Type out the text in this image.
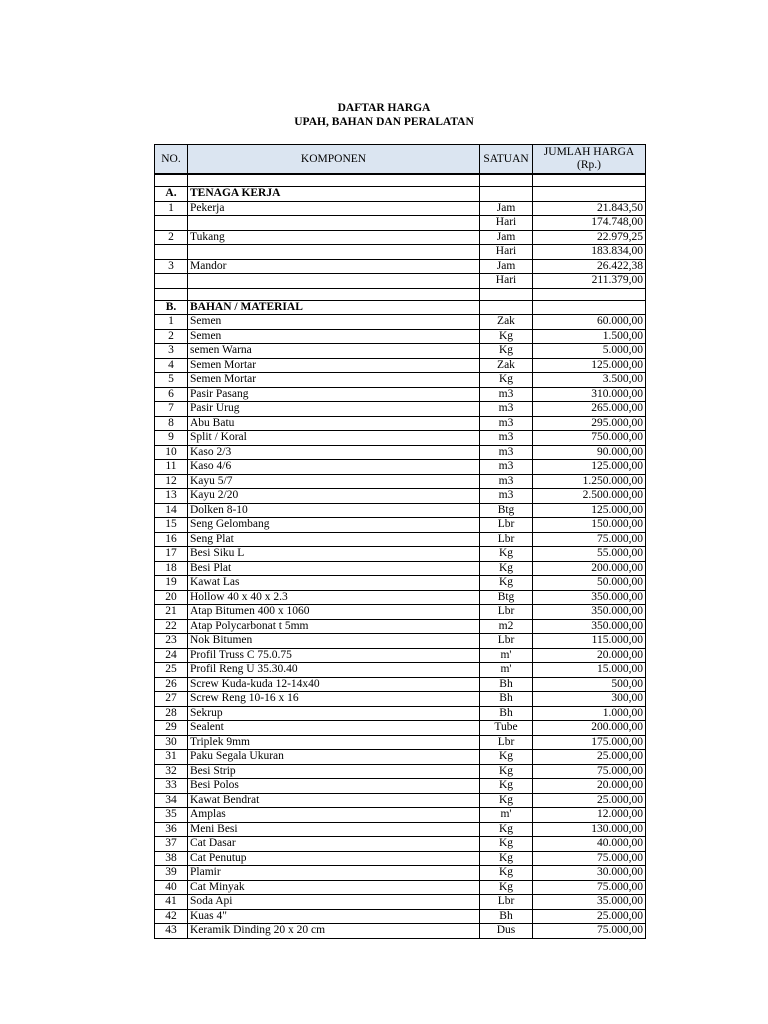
DAFTAR HARGA
UPAH, BAHAN DAN PERALATAN
NO.	KOMPONEN	SATUAN	JUMLAH HARGA
(Rp.)

A.	TENAGA KERJA		
1	Pekerja	Jam	21.843,50
		Hari	174.748,00
2	Tukang	Jam	22.979,25
		Hari	183.834,00
3	Mandor	Jam	26.422,38
		Hari	211.379,00

B.	BAHAN / MATERIAL		
1	Semen	Zak	60.000,00
2	Semen	Kg	1.500,00
3	semen Warna	Kg	5.000,00
4	Semen Mortar	Zak	125.000,00
5	Semen Mortar	Kg	3.500,00
6	Pasir Pasang	m3	310.000,00
7	Pasir Urug	m3	265.000,00
8	Abu Batu	m3	295.000,00
9	Split / Koral	m3	750.000,00
10	Kaso 2/3	m3	90.000,00
11	Kaso 4/6	m3	125.000,00
12	Kayu 5/7	m3	1.250.000,00
13	Kayu 2/20	m3	2.500.000,00
14	Dolken 8-10	Btg	125.000,00
15	Seng Gelombang	Lbr	150.000,00
16	Seng Plat	Lbr	75.000,00
17	Besi Siku L	Kg	55.000,00
18	Besi Plat	Kg	200.000,00
19	Kawat Las	Kg	50.000,00
20	Hollow 40 x 40 x 2.3	Btg	350.000,00
21	Atap Bitumen 400 x 1060	Lbr	350.000,00
22	Atap Polycarbonat t 5mm	m2	350.000,00
23	Nok Bitumen	Lbr	115.000,00
24	Profil Truss C 75.0.75	m'	20.000,00
25	Profil Reng U 35.30.40	m'	15.000,00
26	Screw Kuda-kuda 12-14x40	Bh	500,00
27	Screw Reng 10-16 x 16	Bh	300,00
28	Sekrup	Bh	1.000,00
29	Sealent	Tube	200.000,00
30	Triplek 9mm	Lbr	175.000,00
31	Paku Segala Ukuran	Kg	25.000,00
32	Besi Strip	Kg	75.000,00
33	Besi Polos	Kg	20.000,00
34	Kawat Bendrat	Kg	25.000,00
35	Amplas	m'	12.000,00
36	Meni Besi	Kg	130.000,00
37	Cat Dasar	Kg	40.000,00
38	Cat Penutup	Kg	75.000,00
39	Plamir	Kg	30.000,00
40	Cat Minyak	Kg	75.000,00
41	Soda Api	Lbr	35.000,00
42	Kuas 4"	Bh	25.000,00
43	Keramik Dinding 20 x 20 cm	Dus	75.000,00
